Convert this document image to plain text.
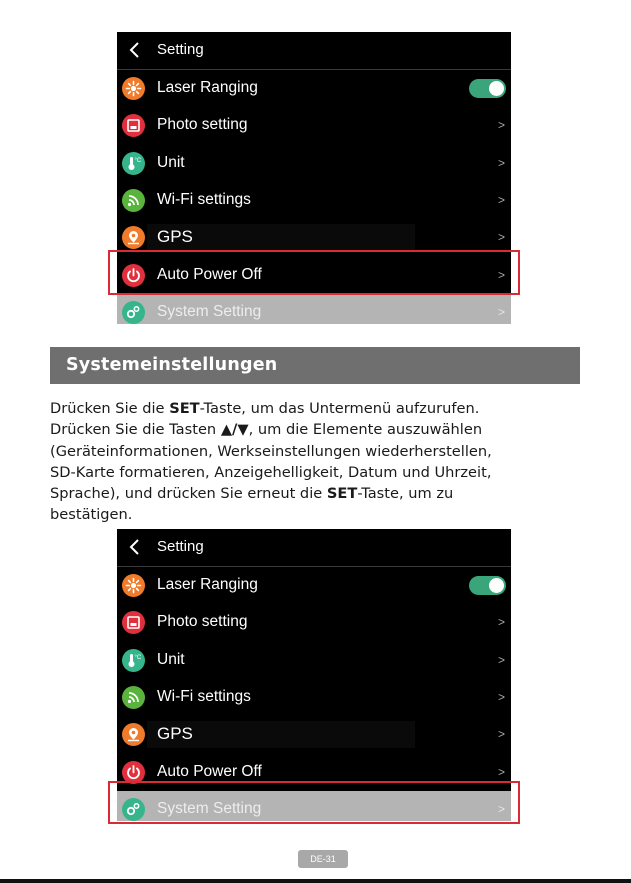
Setting
Laser Ranging
Photo setting	>
°C Unit	>
Wi-Fi settings	>
GPS	>
Auto Power Off	>
System Setting	>
Systemeinstellungen
Drücken Sie die SET-Taste, um das Untermenü aufzurufen.
Drücken Sie die Tasten ▲/▼, um die Elemente auszuwählen
(Geräteinformationen, Werkseinstellungen wiederherstellen,
SD-Karte formatieren, Anzeigehelligkeit, Datum und Uhrzeit,
Sprache), und drücken Sie erneut die SET-Taste, um zu
bestätigen.
Setting
Laser Ranging
Photo setting	>
°C Unit	>
Wi-Fi settings	>
GPS	>
Auto Power Off	>
System Setting	>
DE-31
